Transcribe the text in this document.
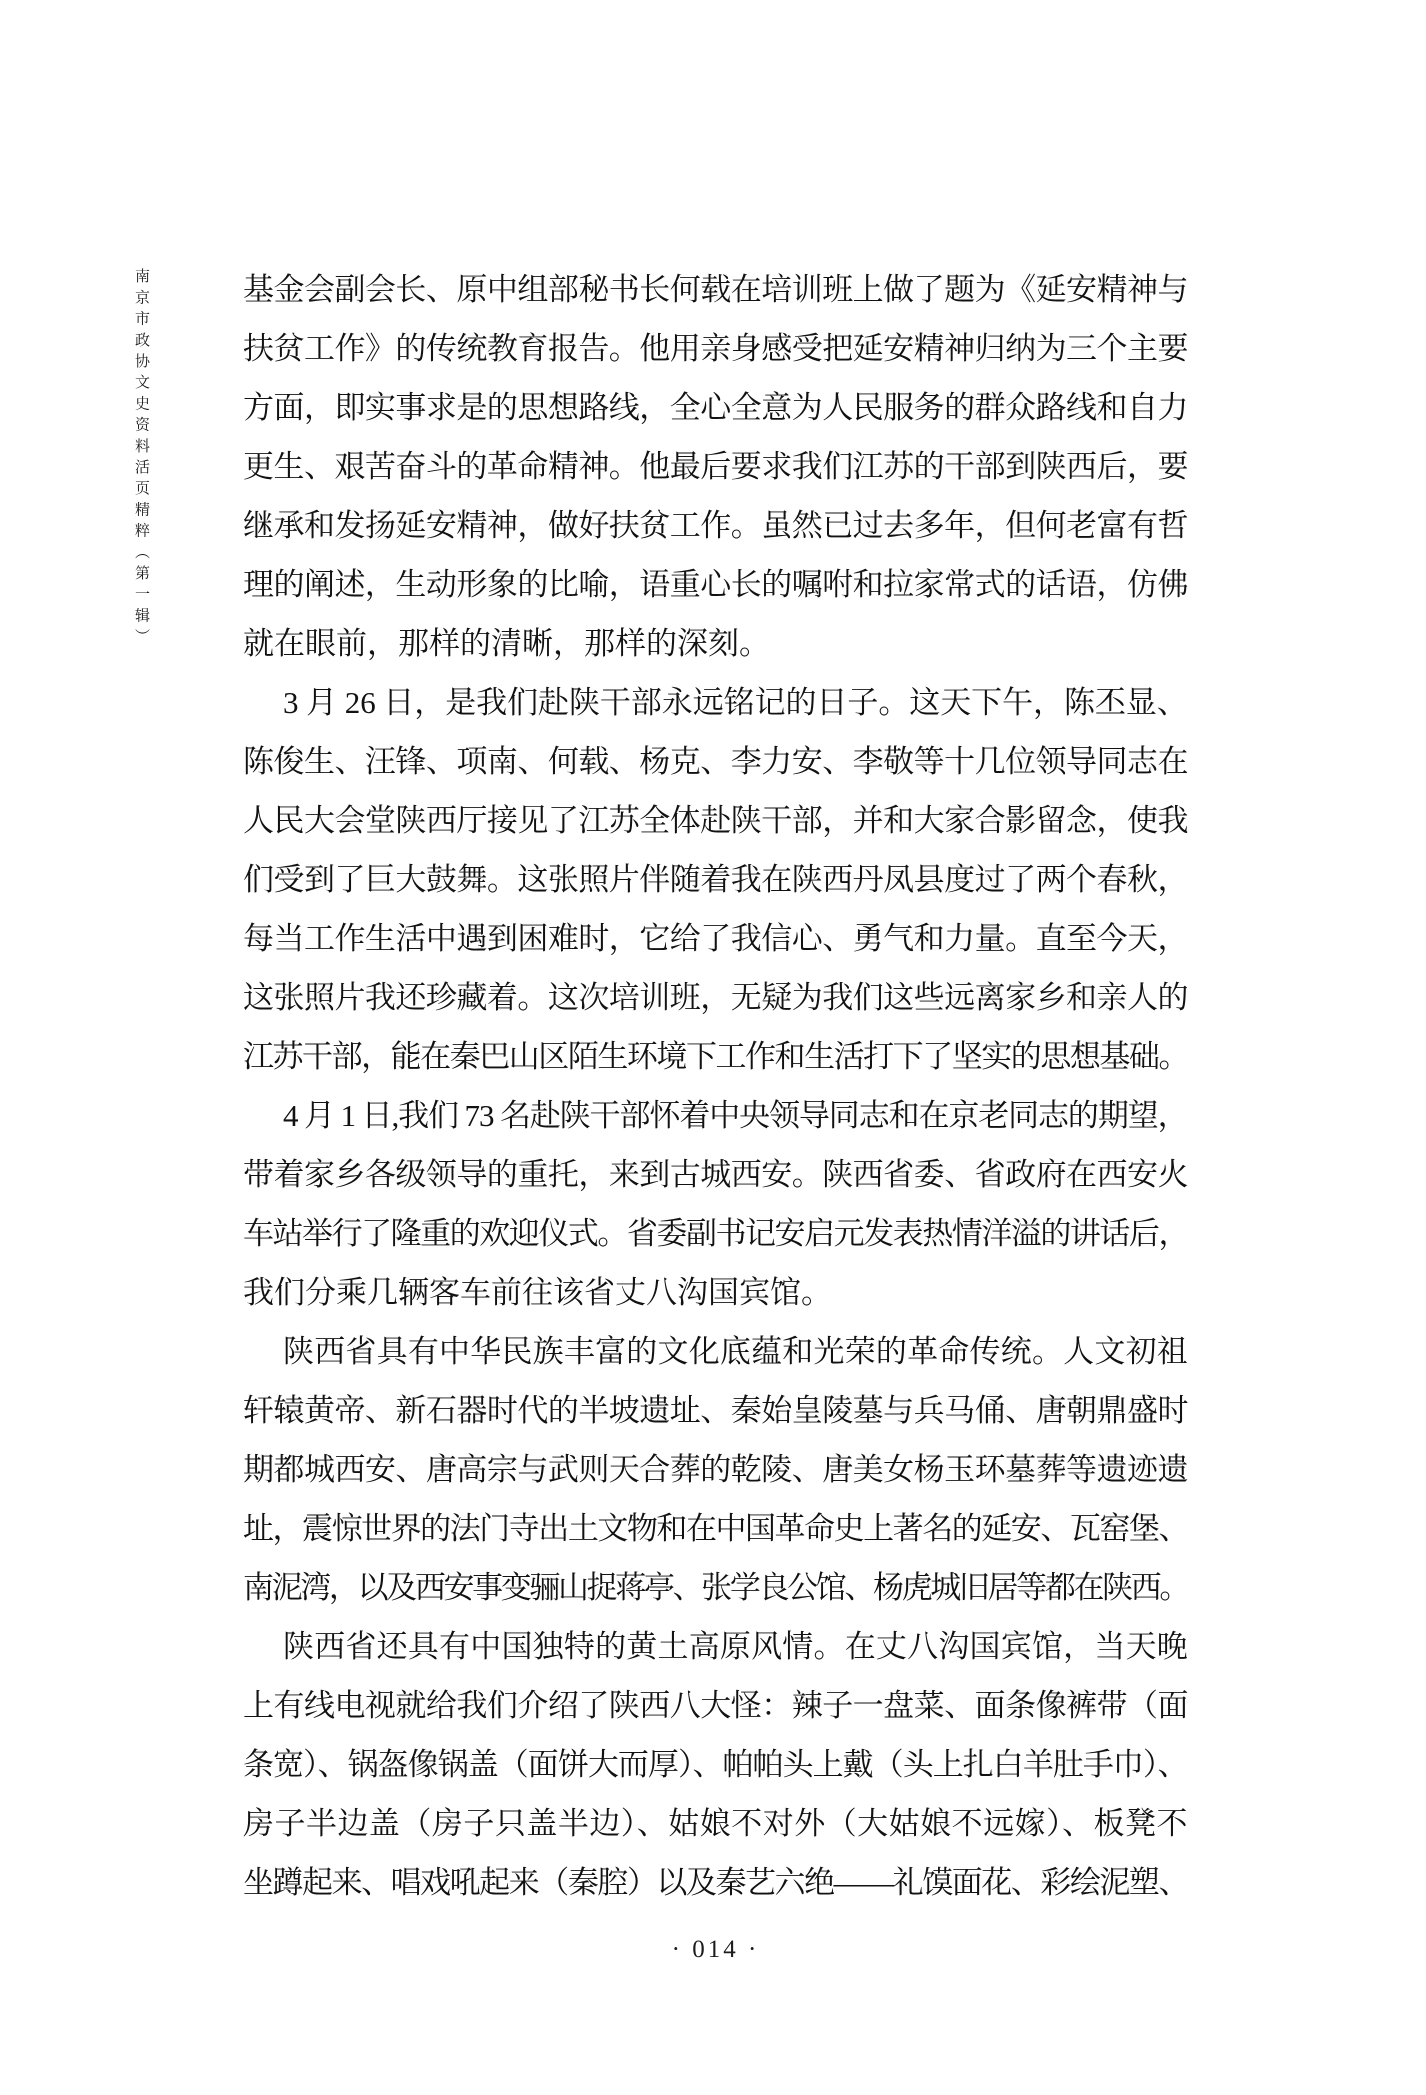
南京市政协文史资料活页精粹（第一辑）	基金会副会长、原中组部秘书长何载在培训班上做了题为《延安精神与
扶贫工作》的传统教育报告。他用亲身感受把延安精神归纳为三个主要
方面，即实事求是的思想路线，全心全意为人民服务的群众路线和自力
更生、艰苦奋斗的革命精神。他最后要求我们江苏的干部到陕西后，要
继承和发扬延安精神，做好扶贫工作。虽然已过去多年，但何老富有哲
理的阐述，生动形象的比喻，语重心长的嘱咐和拉家常式的话语，仿佛
就在眼前，那样的清晰，那样的深刻。
3 月 26 日，是我们赴陕干部永远铭记的日子。这天下午，陈丕显、
陈俊生、汪锋、项南、何载、杨克、李力安、李敬等十几位领导同志在
人民大会堂陕西厅接见了江苏全体赴陕干部，并和大家合影留念，使我
们受到了巨大鼓舞。这张照片伴随着我在陕西丹凤县度过了两个春秋，
每当工作生活中遇到困难时，它给了我信心、勇气和力量。直至今天，
这张照片我还珍藏着。这次培训班，无疑为我们这些远离家乡和亲人的
江苏干部，能在秦巴山区陌生环境下工作和生活打下了坚实的思想基础。
4 月 1 日,我们 73 名赴陕干部怀着中央领导同志和在京老同志的期望，
带着家乡各级领导的重托，来到古城西安。陕西省委、省政府在西安火
车站举行了隆重的欢迎仪式。省委副书记安启元发表热情洋溢的讲话后，
我们分乘几辆客车前往该省丈八沟国宾馆。
陕西省具有中华民族丰富的文化底蕴和光荣的革命传统。人文初祖
轩辕黄帝、新石器时代的半坡遗址、秦始皇陵墓与兵马俑、唐朝鼎盛时
期都城西安、唐高宗与武则天合葬的乾陵、唐美女杨玉环墓葬等遗迹遗
址，震惊世界的法门寺出土文物和在中国革命史上著名的延安、瓦窑堡、
南泥湾，以及西安事变骊山捉蒋亭、张学良公馆、杨虎城旧居等都在陕西。
陕西省还具有中国独特的黄土高原风情。在丈八沟国宾馆，当天晚
上有线电视就给我们介绍了陕西八大怪：辣子一盘菜、面条像裤带（面
条宽）、锅盔像锅盖（面饼大而厚）、帕帕头上戴（头上扎白羊肚手巾）、
房子半边盖（房子只盖半边）、姑娘不对外（大姑娘不远嫁）、板凳不
坐蹲起来、唱戏吼起来（秦腔）以及秦艺六绝——礼馍面花、彩绘泥塑、
· 014 ·
